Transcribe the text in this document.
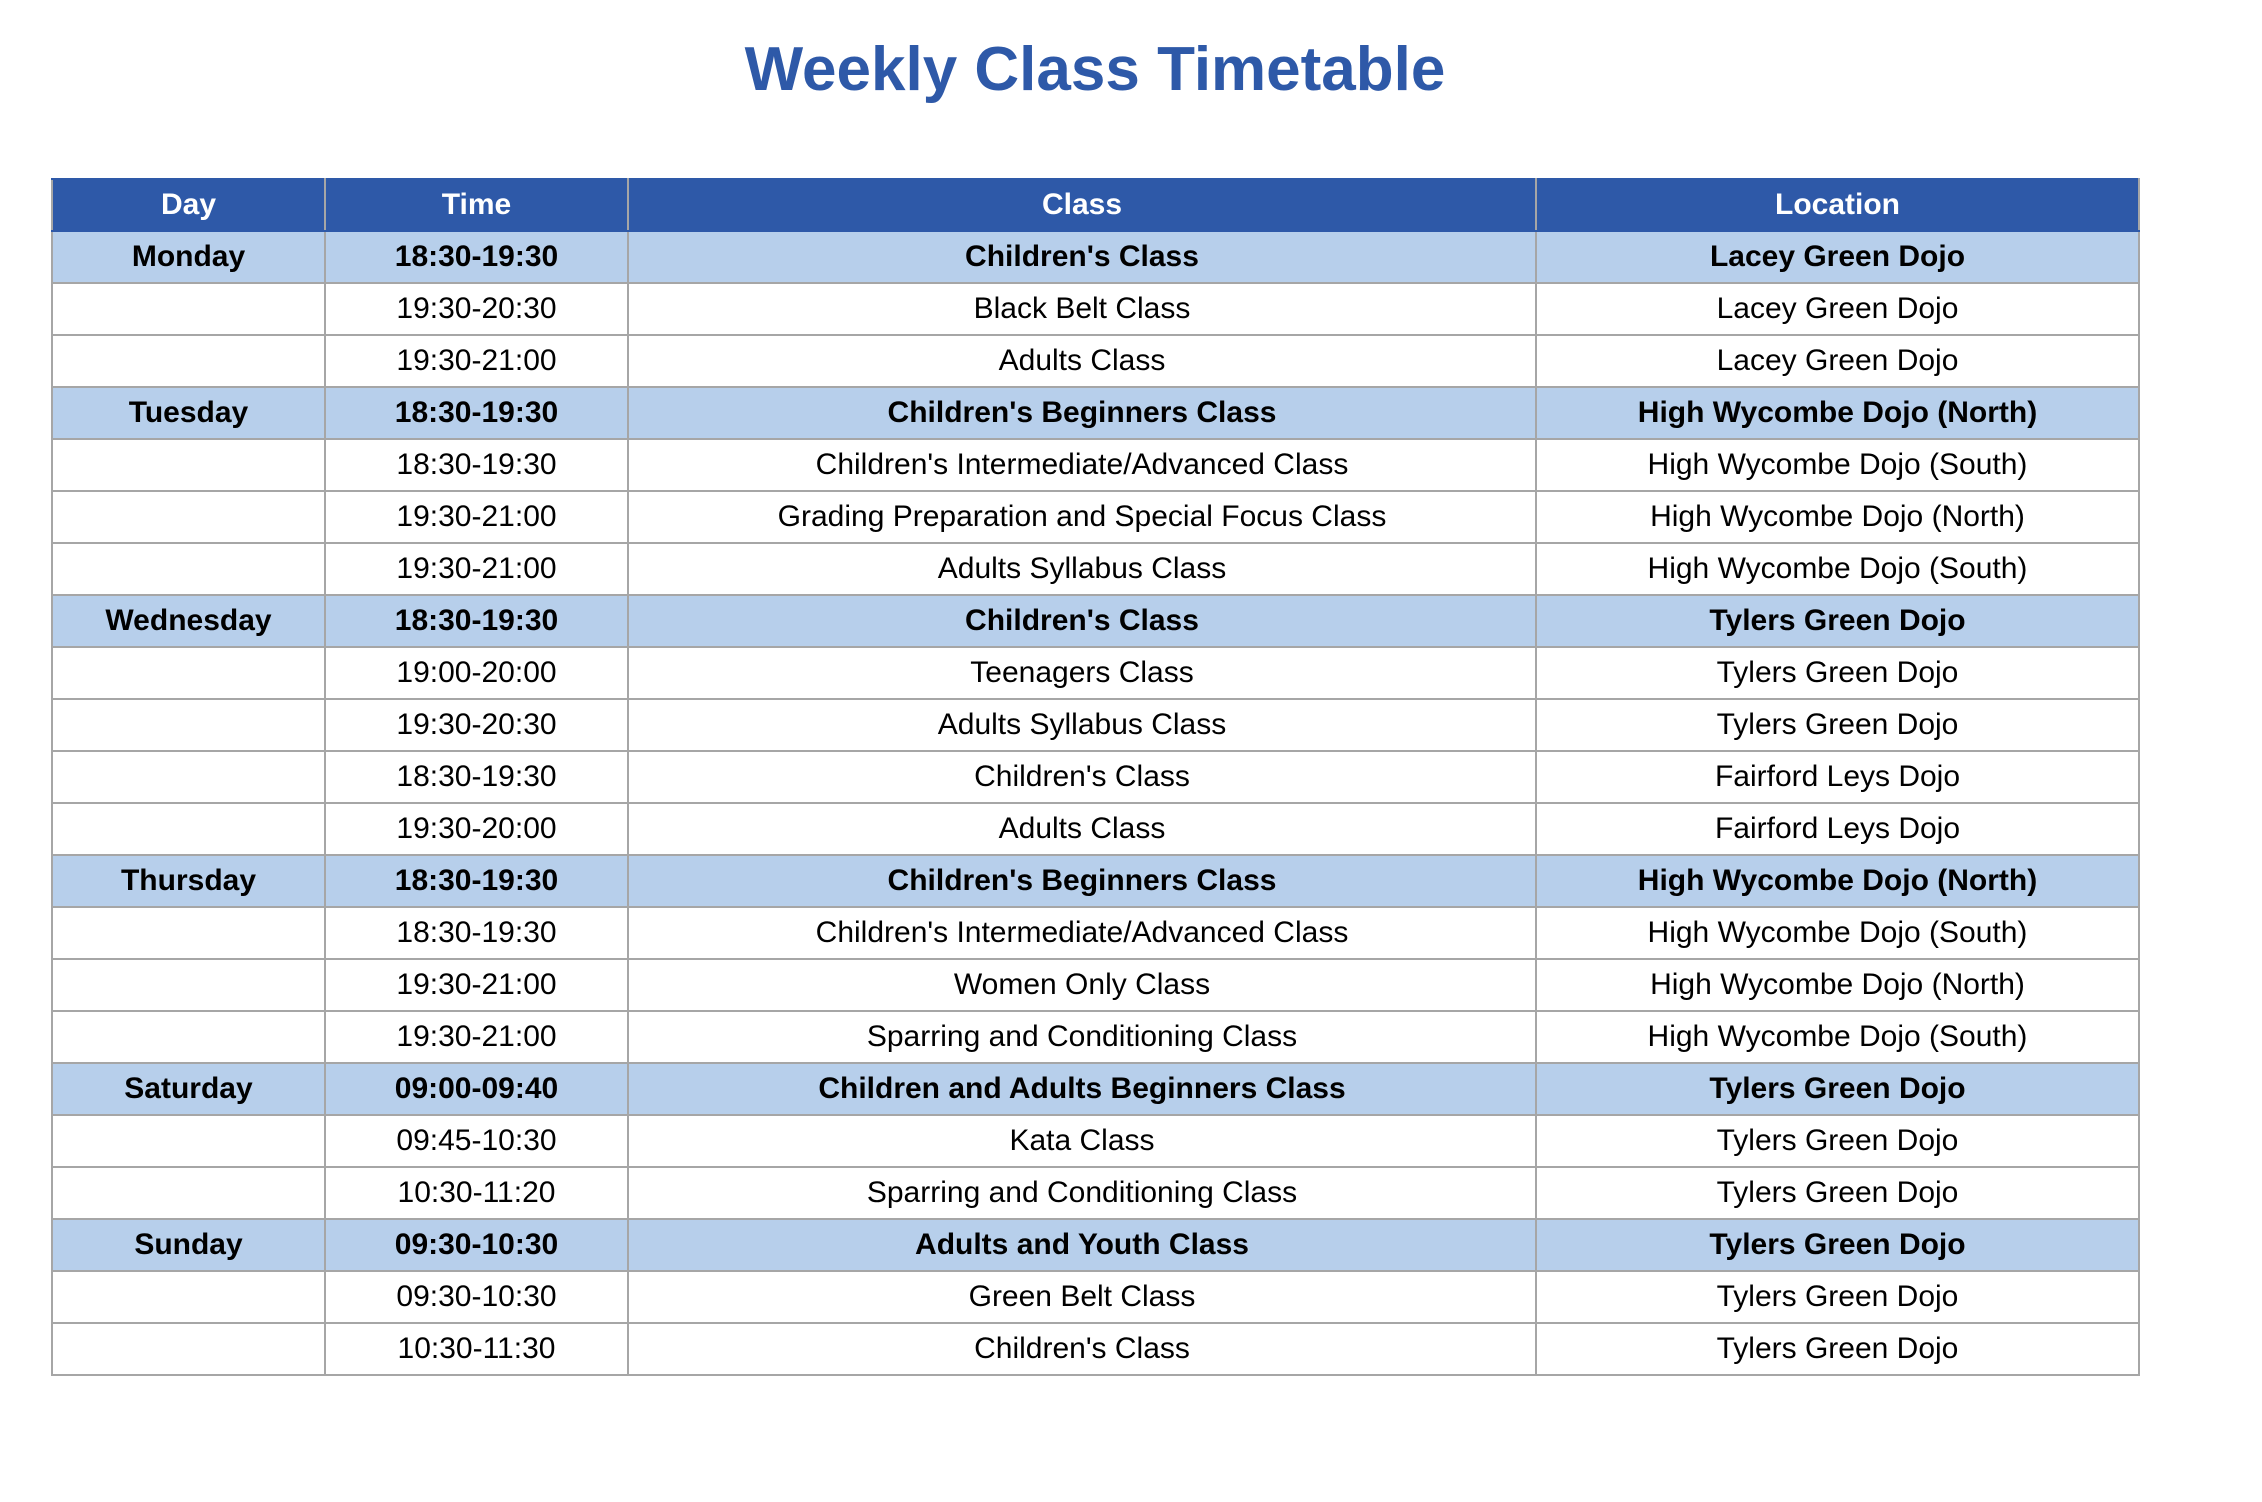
Weekly Class Timetable
Day	Time	Class	Location
Monday	18:30-19:30	Children's Class	Lacey Green Dojo
	19:30-20:30	Black Belt Class	Lacey Green Dojo
	19:30-21:00	Adults Class	Lacey Green Dojo
Tuesday	18:30-19:30	Children's Beginners Class	High Wycombe Dojo (North)
	18:30-19:30	Children's Intermediate/Advanced Class	High Wycombe Dojo (South)
	19:30-21:00	Grading Preparation and Special Focus Class	High Wycombe Dojo (North)
	19:30-21:00	Adults Syllabus Class	High Wycombe Dojo (South)
Wednesday	18:30-19:30	Children's Class	Tylers Green Dojo
	19:00-20:00	Teenagers Class	Tylers Green Dojo
	19:30-20:30	Adults Syllabus Class	Tylers Green Dojo
	18:30-19:30	Children's Class	Fairford Leys Dojo
	19:30-20:00	Adults Class	Fairford Leys Dojo
Thursday	18:30-19:30	Children's Beginners Class	High Wycombe Dojo (North)
	18:30-19:30	Children's Intermediate/Advanced Class	High Wycombe Dojo (South)
	19:30-21:00	Women Only Class	High Wycombe Dojo (North)
	19:30-21:00	Sparring and Conditioning Class	High Wycombe Dojo (South)
Saturday	09:00-09:40	Children and Adults Beginners Class	Tylers Green Dojo
	09:45-10:30	Kata Class	Tylers Green Dojo
	10:30-11:20	Sparring and Conditioning Class	Tylers Green Dojo
Sunday	09:30-10:30	Adults and Youth Class	Tylers Green Dojo
	09:30-10:30	Green Belt Class	Tylers Green Dojo
	10:30-11:30	Children's Class	Tylers Green Dojo
